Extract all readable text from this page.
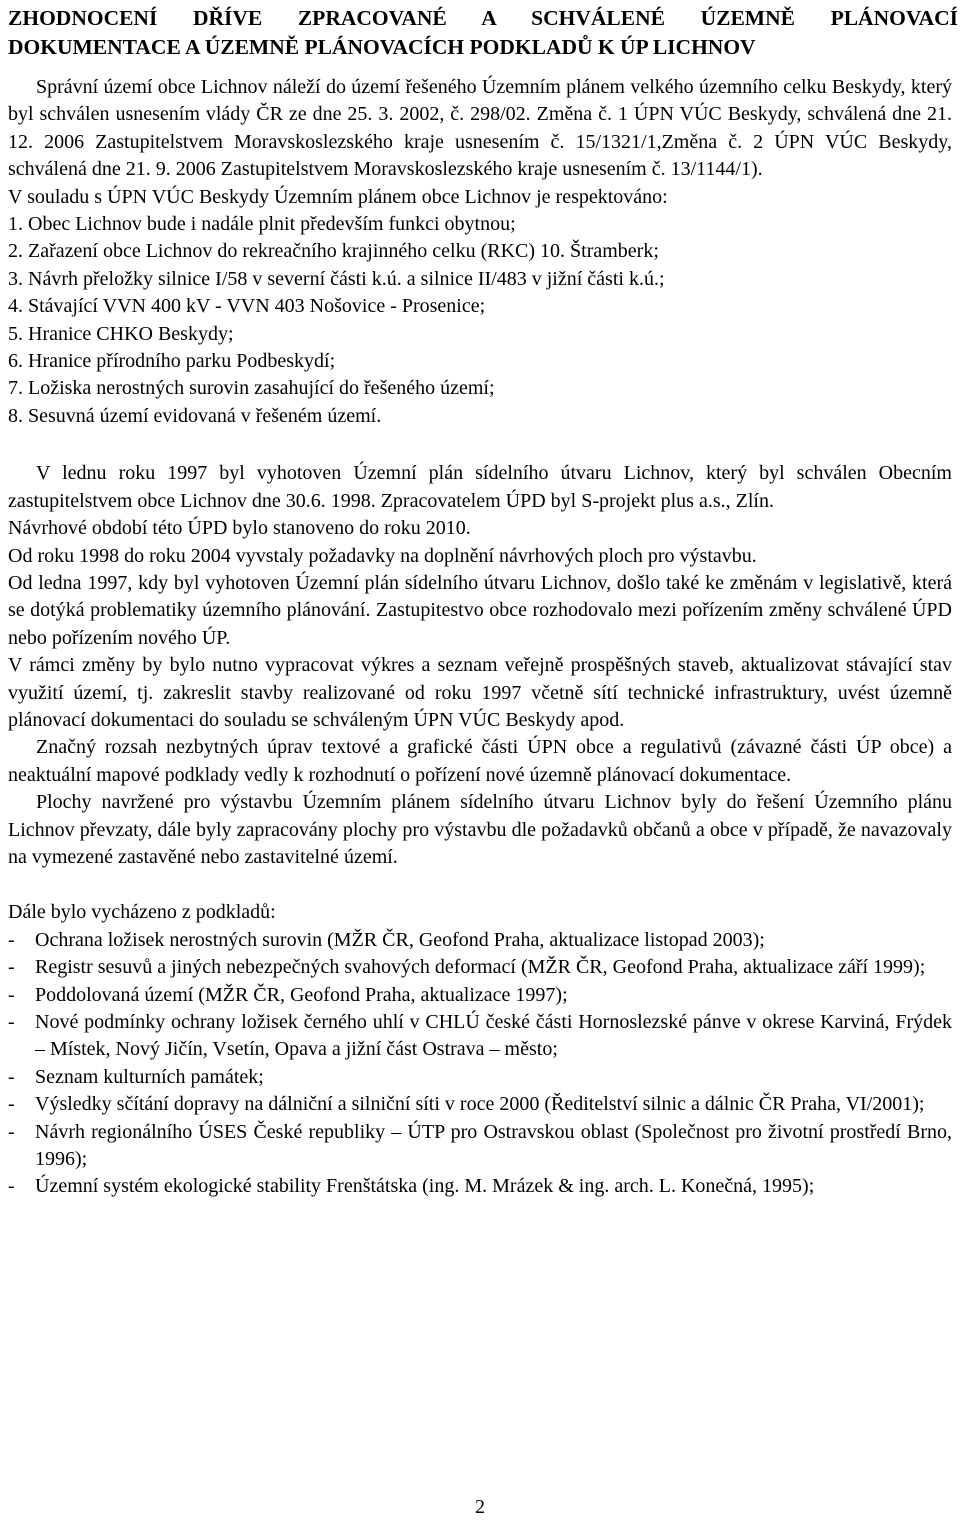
ZHODNOCENÍ DŘÍVE ZPRACOVANÉ A SCHVÁLENÉ ÚZEMNĚ PLÁNOVACÍ
DOKUMENTACE A ÚZEMNĚ PLÁNOVACÍCH PODKLADŮ K ÚP LICHNOV

Správní území obce Lichnov náleží do území řešeného Územním plánem velkého územního celku Beskydy, který byl schválen usnesením vlády ČR ze dne 25. 3. 2002, č. 298/02. Změna č. 1 ÚPN VÚC Beskydy, schválená dne 21. 12. 2006 Zastupitelstvem Moravskoslezského kraje usnesením č. 15/1321/1,Změna č. 2 ÚPN VÚC Beskydy, schválená dne 21. 9. 2006 Zastupitelstvem Moravskoslezského kraje usnesením č. 13/1144/1).

V souladu s ÚPN VÚC Beskydy Územním plánem obce Lichnov je respektováno:

1. Obec Lichnov bude i nadále plnit především funkci obytnou;
2. Zařazení obce Lichnov do rekreačního krajinného celku (RKC) 10. Štramberk;
3. Návrh přeložky silnice I/58 v severní části k.ú. a silnice II/483 v jižní části k.ú.;
4. Stávající VVN 400 kV - VVN 403 Nošovice - Prosenice;
5. Hranice CHKO Beskydy;
6. Hranice přírodního parku Podbeskydí;
7. Ložiska nerostných surovin zasahující do řešeného území;
8. Sesuvná území evidovaná v řešeném území.

V lednu roku 1997 byl vyhotoven Územní plán sídelního útvaru Lichnov, který byl schválen Obecním zastupitelstvem obce Lichnov dne 30.6. 1998. Zpracovatelem ÚPD byl S-projekt plus a.s., Zlín.

Návrhové období této ÚPD bylo stanoveno do roku 2010.

Od roku 1998 do roku 2004 vyvstaly požadavky na doplnění návrhových ploch pro výstavbu.

Od ledna 1997, kdy byl vyhotoven Územní plán sídelního útvaru Lichnov, došlo také ke změnám v legislativě, která se dotýká problematiky územního plánování. Zastupitestvo obce rozhodovalo mezi pořízením změny schválené ÚPD nebo pořízením nového ÚP.

V rámci změny by bylo nutno vypracovat výkres a seznam veřejně prospěšných staveb, aktualizovat stávající stav využití území, tj. zakreslit stavby realizované od roku 1997 včetně sítí technické infrastruktury, uvést územně plánovací dokumentaci do souladu se schváleným ÚPN VÚC Beskydy apod.

Značný rozsah nezbytných úprav textové a grafické části ÚPN obce a regulativů (závazné části ÚP obce) a neaktuální mapové podklady vedly k rozhodnutí o pořízení nové územně plánovací dokumentace.

Plochy navržené pro výstavbu Územním plánem sídelního útvaru Lichnov byly do řešení Územního plánu Lichnov převzaty, dále byly zapracovány plochy pro výstavbu dle požadavků občanů a obce v případě, že navazovaly na vymezené zastavěné nebo zastavitelné území.

Dále bylo vycházeno z podkladů:

- Ochrana ložisek nerostných surovin (MŽR ČR, Geofond Praha, aktualizace listopad 2003);
- Registr sesuvů a jiných nebezpečných svahových deformací (MŽR ČR, Geofond Praha, aktualizace září 1999);
- Poddolovaná území (MŽR ČR, Geofond Praha, aktualizace 1997);
- Nové podmínky ochrany ložisek černého uhlí v CHLÚ české části Hornoslezské pánve v okrese Karviná, Frýdek – Místek, Nový Jičín, Vsetín, Opava a jižní část Ostrava – město;
- Seznam kulturních památek;
- Výsledky sčítání dopravy na dálniční a silniční síti v roce 2000 (Ředitelství silnic a dálnic ČR Praha, VI/2001);
- Návrh regionálního ÚSES České republiky – ÚTP pro Ostravskou oblast (Společnost pro životní prostředí Brno, 1996);
- Územní systém ekologické stability Frenštátska (ing. M. Mrázek & ing. arch. L. Konečná, 1995);
2
